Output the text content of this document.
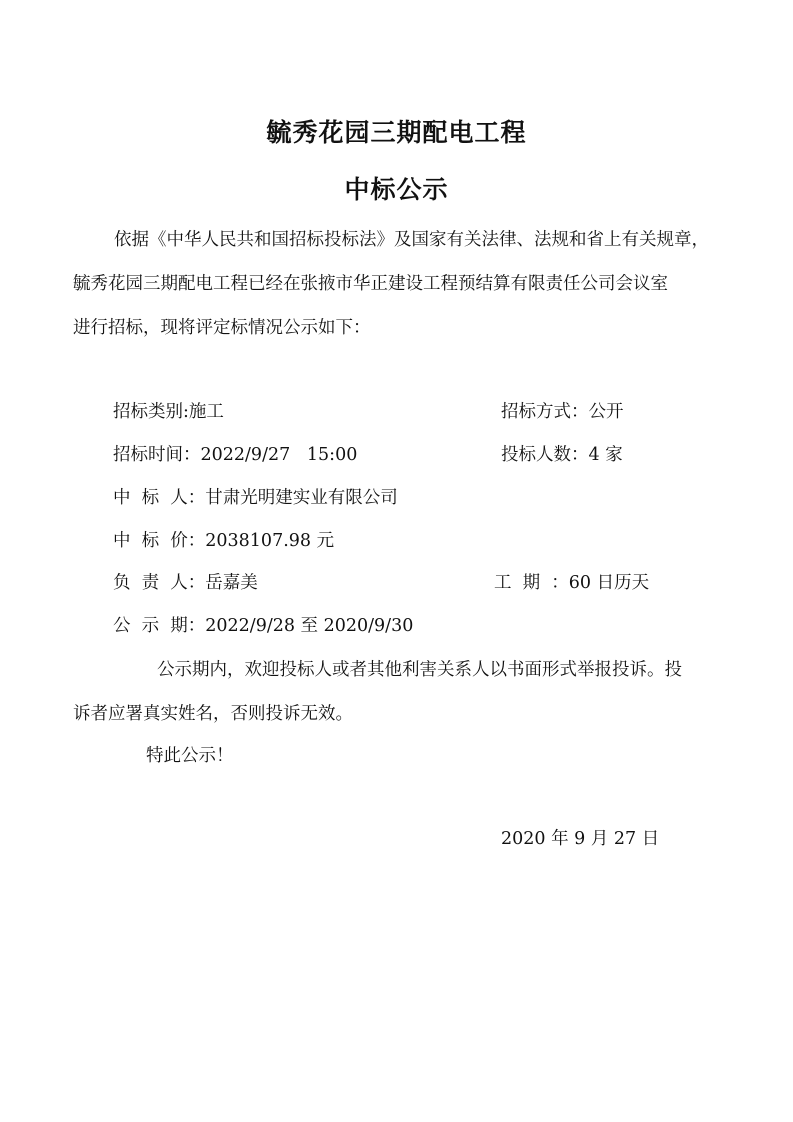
毓秀花园三期配电工程
中标公示
依据《中华人民共和国招标投标法》及国家有关法律、法规和省上有关规章，
毓秀花园三期配电工程已经在张掖市华正建设工程预结算有限责任公司会议室
进行招标，现将评定标情况公示如下：
招标类别:施工	招标方式：公开
招标时间：2022/9/27   15:00	投标人数：4 家
中  标  人：甘肃光明建实业有限公司
中  标  价：2038107.98 元
负  责  人：岳嘉美	工  期  ：60 日历天
公  示  期：2022/9/28 至 2020/9/30
公示期内，欢迎投标人或者其他利害关系人以书面形式举报投诉。投
诉者应署真实姓名，否则投诉无效。
特此公示！
2020 年 9 月 27 日
